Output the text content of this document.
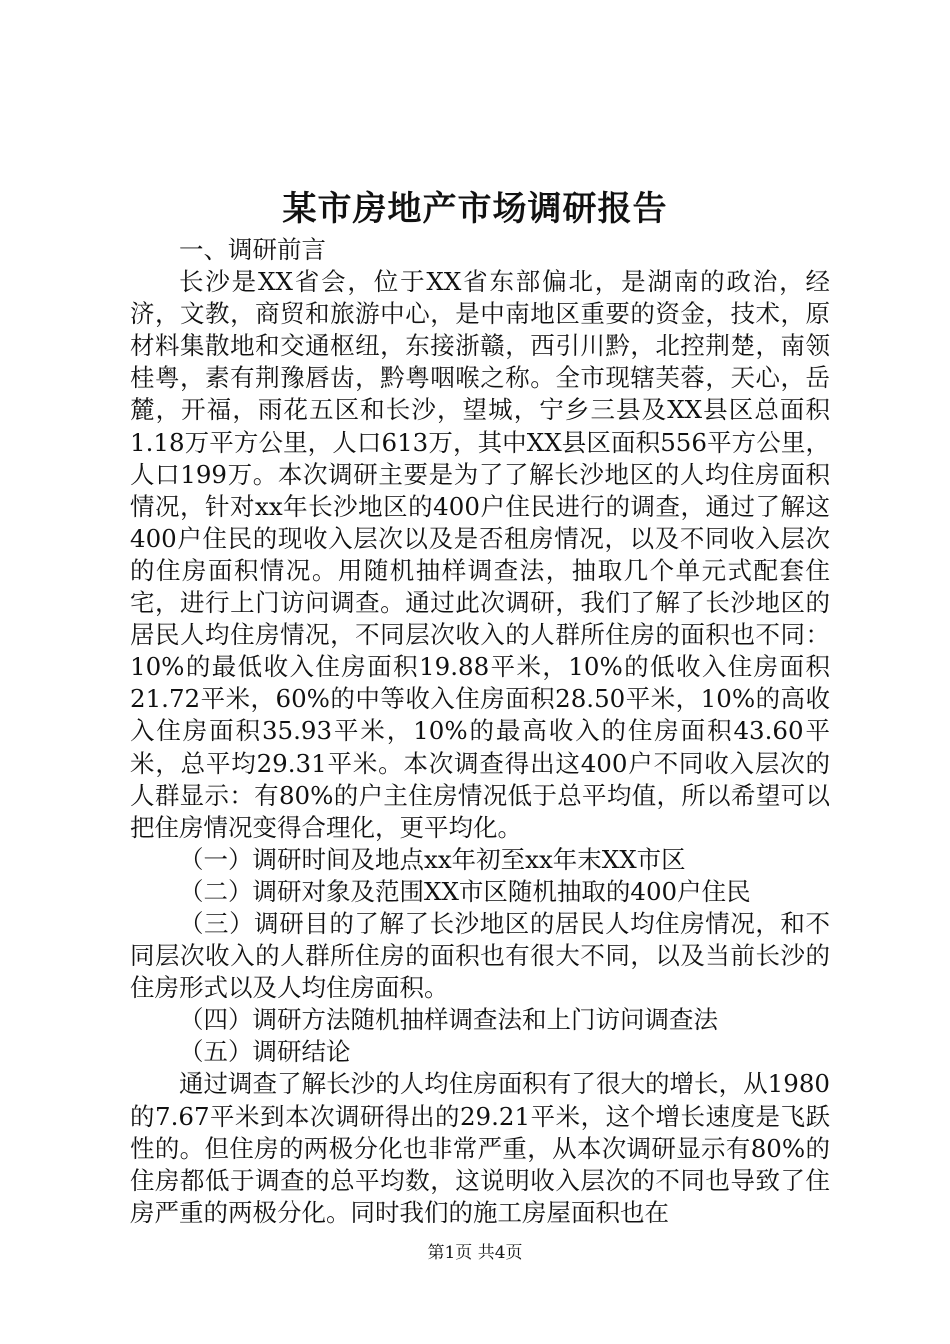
某市房地产市场调研报告

一、调研前言

长沙是XX省会，位于XX省东部偏北，是湖南的政治，经济，文教，商贸和旅游中心，是中南地区重要的资金，技术，原材料集散地和交通枢纽，东接浙赣，西引川黔，北控荆楚，南领桂粤，素有荆豫唇齿，黔粤咽喉之称。全市现辖芙蓉，天心，岳麓，开福，雨花五区和长沙，望城，宁乡三县及XX县区总面积1.18万平方公里，人口613万，其中XX县区面积556平方公里，人口199万。本次调研主要是为了了解长沙地区的人均住房面积情况，针对xx年长沙地区的400户住民进行的调查，通过了解这400户住民的现收入层次以及是否租房情况，以及不同收入层次的住房面积情况。用随机抽样调查法，抽取几个单元式配套住宅，进行上门访问调查。通过此次调研，我们了解了长沙地区的居民人均住房情况，不同层次收入的人群所住房的面积也不同：10%的最低收入住房面积19.88平米，10%的低收入住房面积21.72平米，60%的中等收入住房面积28.50平米，10%的高收入住房面积35.93平米，10%的最高收入的住房面积43.60平米，总平均29.31平米。本次调查得出这400户不同收入层次的人群显示：有80%的户主住房情况低于总平均值，所以希望可以把住房情况变得合理化，更平均化。

（一）调研时间及地点xx年初至xx年末XX市区

（二）调研对象及范围XX市区随机抽取的400户住民

（三）调研目的了解了长沙地区的居民人均住房情况，和不同层次收入的人群所住房的面积也有很大不同，以及当前长沙的住房形式以及人均住房面积。

（四）调研方法随机抽样调查法和上门访问调查法

（五）调研结论

通过调查了解长沙的人均住房面积有了很大的增长，从1980的7.67平米到本次调研得出的29.21平米，这个增长速度是飞跃性的。但住房的两极分化也非常严重，从本次调研显示有80%的住房都低于调查的总平均数，这说明收入层次的不同也导致了住房严重的两极分化。同时我们的施工房屋面积也在

第1页 共4页
